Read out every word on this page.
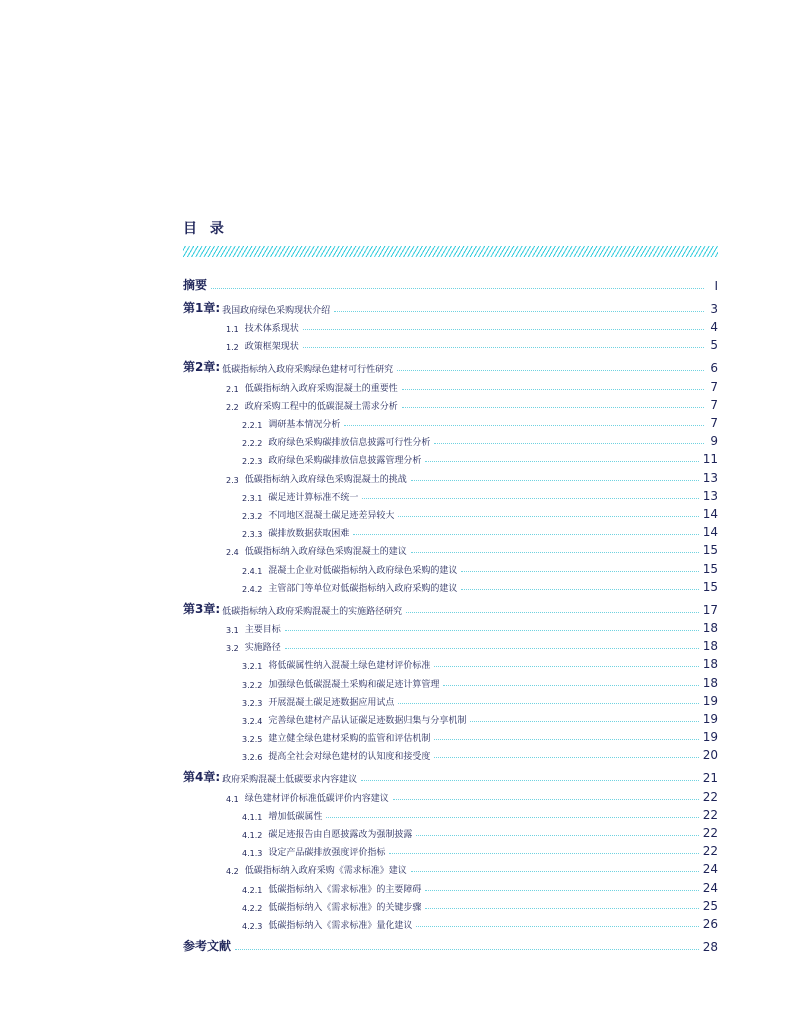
目 录
摘要	I
第1章: 我国政府绿色采购现状介绍	3
1.1 技术体系现状	4
1.2 政策框架现状	5
第2章: 低碳指标纳入政府采购绿色建材可行性研究	6
2.1 低碳指标纳入政府采购混凝土的重要性	7
2.2 政府采购工程中的低碳混凝土需求分析	7
2.2.1 调研基本情况分析	7
2.2.2 政府绿色采购碳排放信息披露可行性分析	9
2.2.3 政府绿色采购碳排放信息披露管理分析	11
2.3 低碳指标纳入政府绿色采购混凝土的挑战	13
2.3.1 碳足迹计算标准不统一	13
2.3.2 不同地区混凝土碳足迹差异较大	14
2.3.3 碳排放数据获取困难	14
2.4 低碳指标纳入政府绿色采购混凝土的建议	15
2.4.1 混凝土企业对低碳指标纳入政府绿色采购的建议	15
2.4.2 主管部门等单位对低碳指标纳入政府采购的建议	15
第3章: 低碳指标纳入政府采购混凝土的实施路径研究	17
3.1 主要目标	18
3.2 实施路径	18
3.2.1 将低碳属性纳入混凝土绿色建材评价标准	18
3.2.2 加强绿色低碳混凝土采购和碳足迹计算管理	18
3.2.3 开展混凝土碳足迹数据应用试点	19
3.2.4 完善绿色建材产品认证碳足迹数据归集与分享机制	19
3.2.5 建立健全绿色建材采购的监管和评估机制	19
3.2.6 提高全社会对绿色建材的认知度和接受度	20
第4章: 政府采购混凝土低碳要求内容建议	21
4.1 绿色建材评价标准低碳评价内容建议	22
4.1.1 增加低碳属性	22
4.1.2 碳足迹报告由自愿披露改为强制披露	22
4.1.3 设定产品碳排放强度评价指标	22
4.2 低碳指标纳入政府采购《需求标准》建议	24
4.2.1 低碳指标纳入《需求标准》的主要障碍	24
4.2.2 低碳指标纳入《需求标准》的关键步骤	25
4.2.3 低碳指标纳入《需求标准》量化建议	26
参考文献	28
